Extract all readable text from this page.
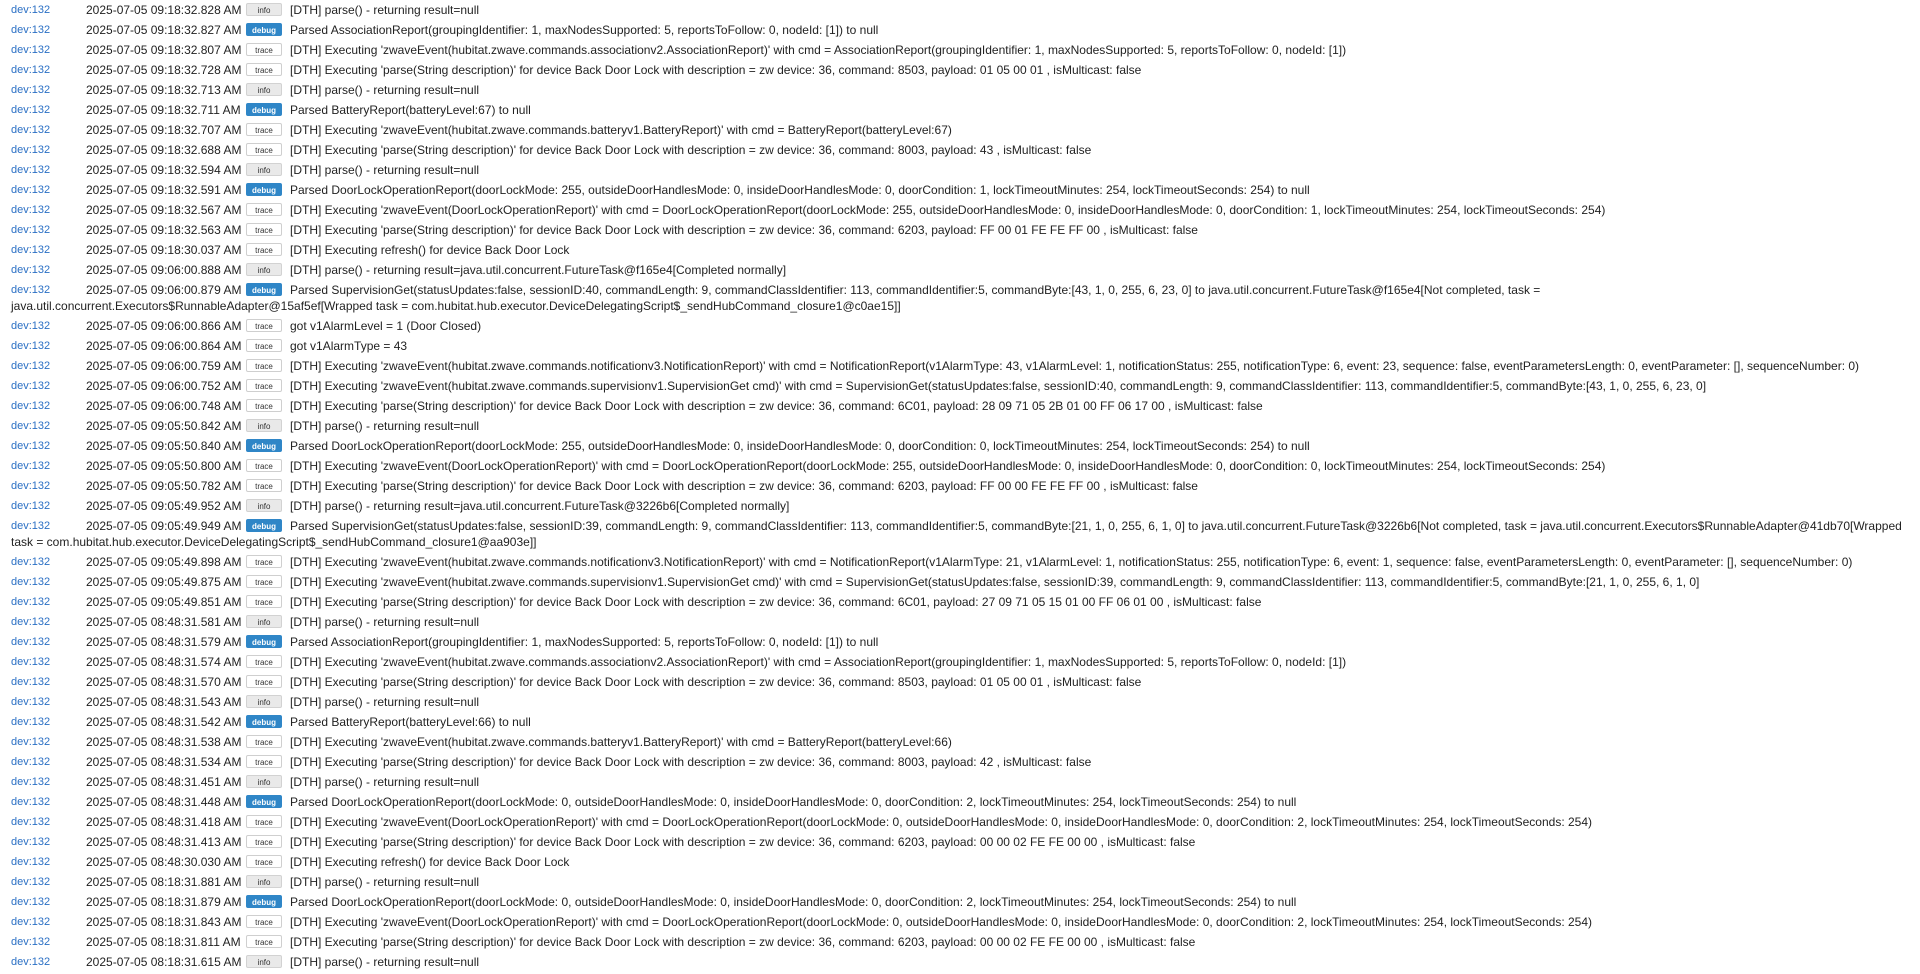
dev:132	2025-07-05 09:18:32.828 AM	info	[DTH] parse() - returning result=null
dev:132	2025-07-05 09:18:32.827 AM	debug	Parsed AssociationReport(groupingIdentifier: 1, maxNodesSupported: 5, reportsToFollow: 0, nodeId: [1]) to null
dev:132	2025-07-05 09:18:32.807 AM	trace	[DTH] Executing 'zwaveEvent(hubitat.zwave.commands.associationv2.AssociationReport)' with cmd = AssociationReport(groupingIdentifier: 1, maxNodesSupported: 5, reportsToFollow: 0, nodeId: [1])
dev:132	2025-07-05 09:18:32.728 AM	trace	[DTH] Executing 'parse(String description)' for device Back Door Lock with description = zw device: 36, command: 8503, payload: 01 05 00 01 , isMulticast: false
dev:132	2025-07-05 09:18:32.713 AM	info	[DTH] parse() - returning result=null
dev:132	2025-07-05 09:18:32.711 AM	debug	Parsed BatteryReport(batteryLevel:67) to null
dev:132	2025-07-05 09:18:32.707 AM	trace	[DTH] Executing 'zwaveEvent(hubitat.zwave.commands.batteryv1.BatteryReport)' with cmd = BatteryReport(batteryLevel:67)
dev:132	2025-07-05 09:18:32.688 AM	trace	[DTH] Executing 'parse(String description)' for device Back Door Lock with description = zw device: 36, command: 8003, payload: 43 , isMulticast: false
dev:132	2025-07-05 09:18:32.594 AM	info	[DTH] parse() - returning result=null
dev:132	2025-07-05 09:18:32.591 AM	debug	Parsed DoorLockOperationReport(doorLockMode: 255, outsideDoorHandlesMode: 0, insideDoorHandlesMode: 0, doorCondition: 1, lockTimeoutMinutes: 254, lockTimeoutSeconds: 254) to null
dev:132	2025-07-05 09:18:32.567 AM	trace	[DTH] Executing 'zwaveEvent(DoorLockOperationReport)' with cmd = DoorLockOperationReport(doorLockMode: 255, outsideDoorHandlesMode: 0, insideDoorHandlesMode: 0, doorCondition: 1, lockTimeoutMinutes: 254, lockTimeoutSeconds: 254)
dev:132	2025-07-05 09:18:32.563 AM	trace	[DTH] Executing 'parse(String description)' for device Back Door Lock with description = zw device: 36, command: 6203, payload: FF 00 01 FE FE FF 00 , isMulticast: false
dev:132	2025-07-05 09:18:30.037 AM	trace	[DTH] Executing refresh() for device Back Door Lock
dev:132	2025-07-05 09:06:00.888 AM	info	[DTH] parse() - returning result=java.util.concurrent.FutureTask@f165e4[Completed normally]
dev:132	2025-07-05 09:06:00.879 AM debug Parsed SupervisionGet(statusUpdates:false, sessionID:40, commandLength: 9, commandClassIdentifier: 113, commandIdentifier:5, commandByte:[43, 1, 0, 255, 6, 23, 0] to java.util.concurrent.FutureTask@f165e4[Not completed, task = java.util.concurrent.Executors$RunnableAdapter@15af5ef[Wrapped task = com.hubitat.hub.executor.DeviceDelegatingScript$_sendHubCommand_closure1@c0ae15]]
dev:132	2025-07-05 09:06:00.866 AM	trace	got v1AlarmLevel = 1 (Door Closed)
dev:132	2025-07-05 09:06:00.864 AM	trace	got v1AlarmType = 43
dev:132	2025-07-05 09:06:00.759 AM	trace	[DTH] Executing 'zwaveEvent(hubitat.zwave.commands.notificationv3.NotificationReport)' with cmd = NotificationReport(v1AlarmType: 43, v1AlarmLevel: 1, notificationStatus: 255, notificationType: 6, event: 23, sequence: false, eventParametersLength: 0, eventParameter: [], sequenceNumber: 0)
dev:132	2025-07-05 09:06:00.752 AM	trace	[DTH] Executing 'zwaveEvent(hubitat.zwave.commands.supervisionv1.SupervisionGet cmd)' with cmd = SupervisionGet(statusUpdates:false, sessionID:40, commandLength: 9, commandClassIdentifier: 113, commandIdentifier:5, commandByte:[43, 1, 0, 255, 6, 23, 0]
dev:132	2025-07-05 09:06:00.748 AM	trace	[DTH] Executing 'parse(String description)' for device Back Door Lock with description = zw device: 36, command: 6C01, payload: 28 09 71 05 2B 01 00 FF 06 17 00 , isMulticast: false
dev:132	2025-07-05 09:05:50.842 AM	info	[DTH] parse() - returning result=null
dev:132	2025-07-05 09:05:50.840 AM	debug	Parsed DoorLockOperationReport(doorLockMode: 255, outsideDoorHandlesMode: 0, insideDoorHandlesMode: 0, doorCondition: 0, lockTimeoutMinutes: 254, lockTimeoutSeconds: 254) to null
dev:132	2025-07-05 09:05:50.800 AM	trace	[DTH] Executing 'zwaveEvent(DoorLockOperationReport)' with cmd = DoorLockOperationReport(doorLockMode: 255, outsideDoorHandlesMode: 0, insideDoorHandlesMode: 0, doorCondition: 0, lockTimeoutMinutes: 254, lockTimeoutSeconds: 254)
dev:132	2025-07-05 09:05:50.782 AM	trace	[DTH] Executing 'parse(String description)' for device Back Door Lock with description = zw device: 36, command: 6203, payload: FF 00 00 FE FE FF 00 , isMulticast: false
dev:132	2025-07-05 09:05:49.952 AM	info	[DTH] parse() - returning result=java.util.concurrent.FutureTask@3226b6[Completed normally]
dev:132	2025-07-05 09:05:49.949 AM debug Parsed SupervisionGet(statusUpdates:false, sessionID:39, commandLength: 9, commandClassIdentifier: 113, commandIdentifier:5, commandByte:[21, 1, 0, 255, 6, 1, 0] to java.util.concurrent.FutureTask@3226b6[Not completed, task = java.util.concurrent.Executors$RunnableAdapter@41db70[Wrapped task = com.hubitat.hub.executor.DeviceDelegatingScript$_sendHubCommand_closure1@aa903e]]
dev:132	2025-07-05 09:05:49.898 AM	trace	[DTH] Executing 'zwaveEvent(hubitat.zwave.commands.notificationv3.NotificationReport)' with cmd = NotificationReport(v1AlarmType: 21, v1AlarmLevel: 1, notificationStatus: 255, notificationType: 6, event: 1, sequence: false, eventParametersLength: 0, eventParameter: [], sequenceNumber: 0)
dev:132	2025-07-05 09:05:49.875 AM	trace	[DTH] Executing 'zwaveEvent(hubitat.zwave.commands.supervisionv1.SupervisionGet cmd)' with cmd = SupervisionGet(statusUpdates:false, sessionID:39, commandLength: 9, commandClassIdentifier: 113, commandIdentifier:5, commandByte:[21, 1, 0, 255, 6, 1, 0]
dev:132	2025-07-05 09:05:49.851 AM	trace	[DTH] Executing 'parse(String description)' for device Back Door Lock with description = zw device: 36, command: 6C01, payload: 27 09 71 05 15 01 00 FF 06 01 00 , isMulticast: false
dev:132	2025-07-05 08:48:31.581 AM	info	[DTH] parse() - returning result=null
dev:132	2025-07-05 08:48:31.579 AM	debug	Parsed AssociationReport(groupingIdentifier: 1, maxNodesSupported: 5, reportsToFollow: 0, nodeId: [1]) to null
dev:132	2025-07-05 08:48:31.574 AM	trace	[DTH] Executing 'zwaveEvent(hubitat.zwave.commands.associationv2.AssociationReport)' with cmd = AssociationReport(groupingIdentifier: 1, maxNodesSupported: 5, reportsToFollow: 0, nodeId: [1])
dev:132	2025-07-05 08:48:31.570 AM	trace	[DTH] Executing 'parse(String description)' for device Back Door Lock with description = zw device: 36, command: 8503, payload: 01 05 00 01 , isMulticast: false
dev:132	2025-07-05 08:48:31.543 AM	info	[DTH] parse() - returning result=null
dev:132	2025-07-05 08:48:31.542 AM	debug	Parsed BatteryReport(batteryLevel:66) to null
dev:132	2025-07-05 08:48:31.538 AM	trace	[DTH] Executing 'zwaveEvent(hubitat.zwave.commands.batteryv1.BatteryReport)' with cmd = BatteryReport(batteryLevel:66)
dev:132	2025-07-05 08:48:31.534 AM	trace	[DTH] Executing 'parse(String description)' for device Back Door Lock with description = zw device: 36, command: 8003, payload: 42 , isMulticast: false
dev:132	2025-07-05 08:48:31.451 AM	info	[DTH] parse() - returning result=null
dev:132	2025-07-05 08:48:31.448 AM	debug	Parsed DoorLockOperationReport(doorLockMode: 0, outsideDoorHandlesMode: 0, insideDoorHandlesMode: 0, doorCondition: 2, lockTimeoutMinutes: 254, lockTimeoutSeconds: 254) to null
dev:132	2025-07-05 08:48:31.418 AM	trace	[DTH] Executing 'zwaveEvent(DoorLockOperationReport)' with cmd = DoorLockOperationReport(doorLockMode: 0, outsideDoorHandlesMode: 0, insideDoorHandlesMode: 0, doorCondition: 2, lockTimeoutMinutes: 254, lockTimeoutSeconds: 254)
dev:132	2025-07-05 08:48:31.413 AM	trace	[DTH] Executing 'parse(String description)' for device Back Door Lock with description = zw device: 36, command: 6203, payload: 00 00 02 FE FE 00 00 , isMulticast: false
dev:132	2025-07-05 08:48:30.030 AM	trace	[DTH] Executing refresh() for device Back Door Lock
dev:132	2025-07-05 08:18:31.881 AM	info	[DTH] parse() - returning result=null
dev:132	2025-07-05 08:18:31.879 AM	debug	Parsed DoorLockOperationReport(doorLockMode: 0, outsideDoorHandlesMode: 0, insideDoorHandlesMode: 0, doorCondition: 2, lockTimeoutMinutes: 254, lockTimeoutSeconds: 254) to null
dev:132	2025-07-05 08:18:31.843 AM	trace	[DTH] Executing 'zwaveEvent(DoorLockOperationReport)' with cmd = DoorLockOperationReport(doorLockMode: 0, outsideDoorHandlesMode: 0, insideDoorHandlesMode: 0, doorCondition: 2, lockTimeoutMinutes: 254, lockTimeoutSeconds: 254)
dev:132	2025-07-05 08:18:31.811 AM	trace	[DTH] Executing 'parse(String description)' for device Back Door Lock with description = zw device: 36, command: 6203, payload: 00 00 02 FE FE 00 00 , isMulticast: false
dev:132	2025-07-05 08:18:31.615 AM	info	[DTH] parse() - returning result=null
